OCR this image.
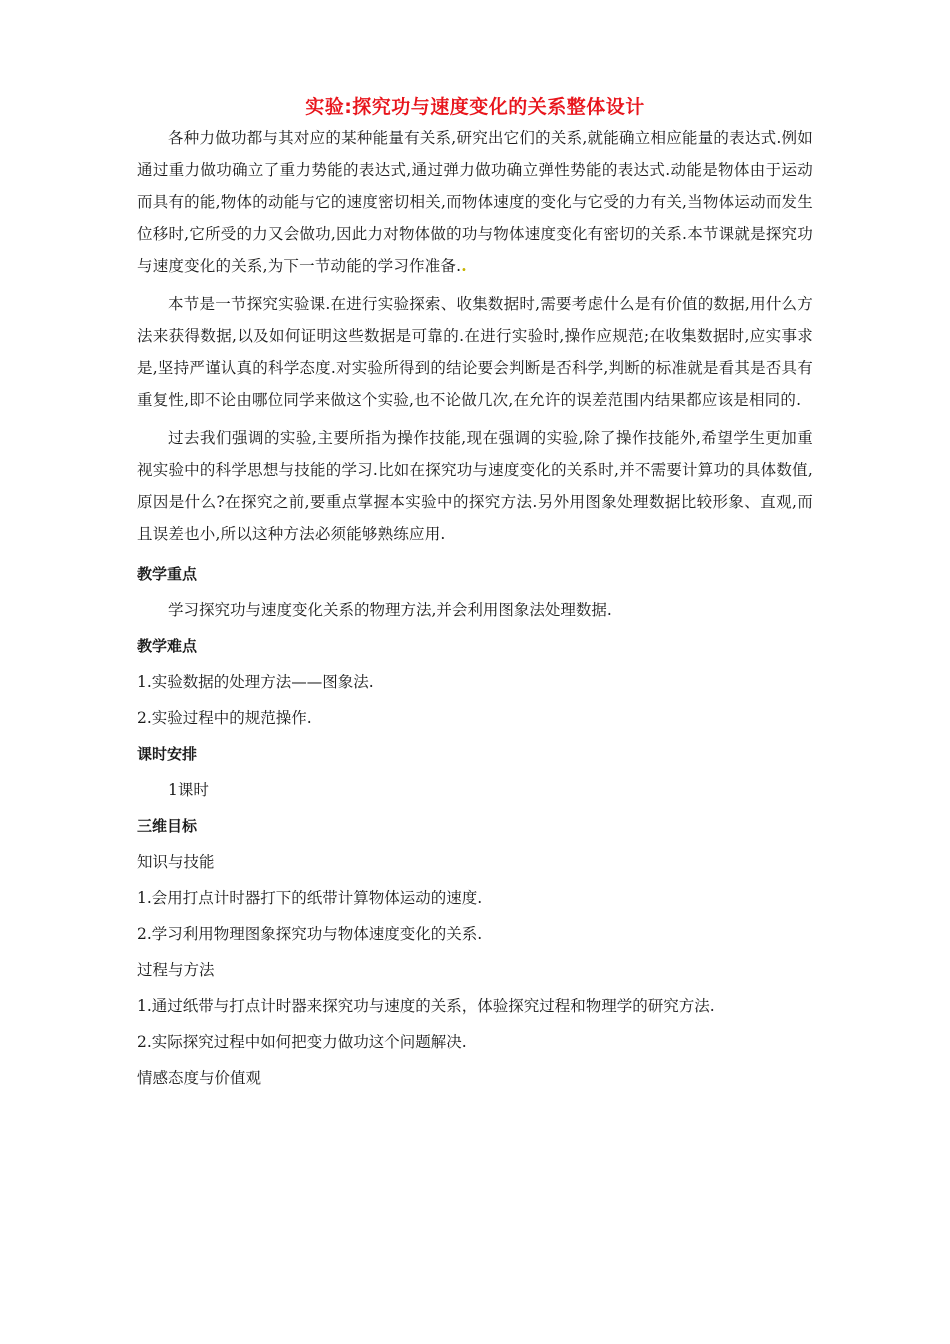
实验:探究功与速度变化的关系整体设计

各种力做功都与其对应的某种能量有关系,研究出它们的关系,就能确立相应能量的表达式.例如通过重力做功确立了重力势能的表达式,通过弹力做功确立弹性势能的表达式.动能是物体由于运动而具有的能,物体的动能与它的速度密切相关,而物体速度的变化与它受的力有关,当物体运动而发生位移时,它所受的力又会做功,因此力对物体做的功与物体速度变化有密切的关系.本节课就是探究功与速度变化的关系,为下一节动能的学习作准备..

本节是一节探究实验课.在进行实验探索、收集数据时,需要考虑什么是有价值的数据,用什么方法来获得数据,以及如何证明这些数据是可靠的.在进行实验时,操作应规范;在收集数据时,应实事求是,坚持严谨认真的科学态度.对实验所得到的结论要会判断是否科学,判断的标准就是看其是否具有重复性,即不论由哪位同学来做这个实验,也不论做几次,在允许的误差范围内结果都应该是相同的.

过去我们强调的实验,主要所指为操作技能,现在强调的实验,除了操作技能外,希望学生更加重视实验中的科学思想与技能的学习.比如在探究功与速度变化的关系时,并不需要计算功的具体数值,原因是什么?在探究之前,要重点掌握本实验中的探究方法.另外用图象处理数据比较形象、直观,而且误差也小,所以这种方法必须能够熟练应用.

教学重点
学习探究功与速度变化关系的物理方法,并会利用图象法处理数据.
教学难点
1.实验数据的处理方法——图象法.
2.实验过程中的规范操作.
课时安排
1课时
三维目标
知识与技能
1.会用打点计时器打下的纸带计算物体运动的速度.
2.学习利用物理图象探究功与物体速度变化的关系.
过程与方法
1.通过纸带与打点计时器来探究功与速度的关系，体验探究过程和物理学的研究方法.
2.实际探究过程中如何把变力做功这个问题解决.
情感态度与价值观
